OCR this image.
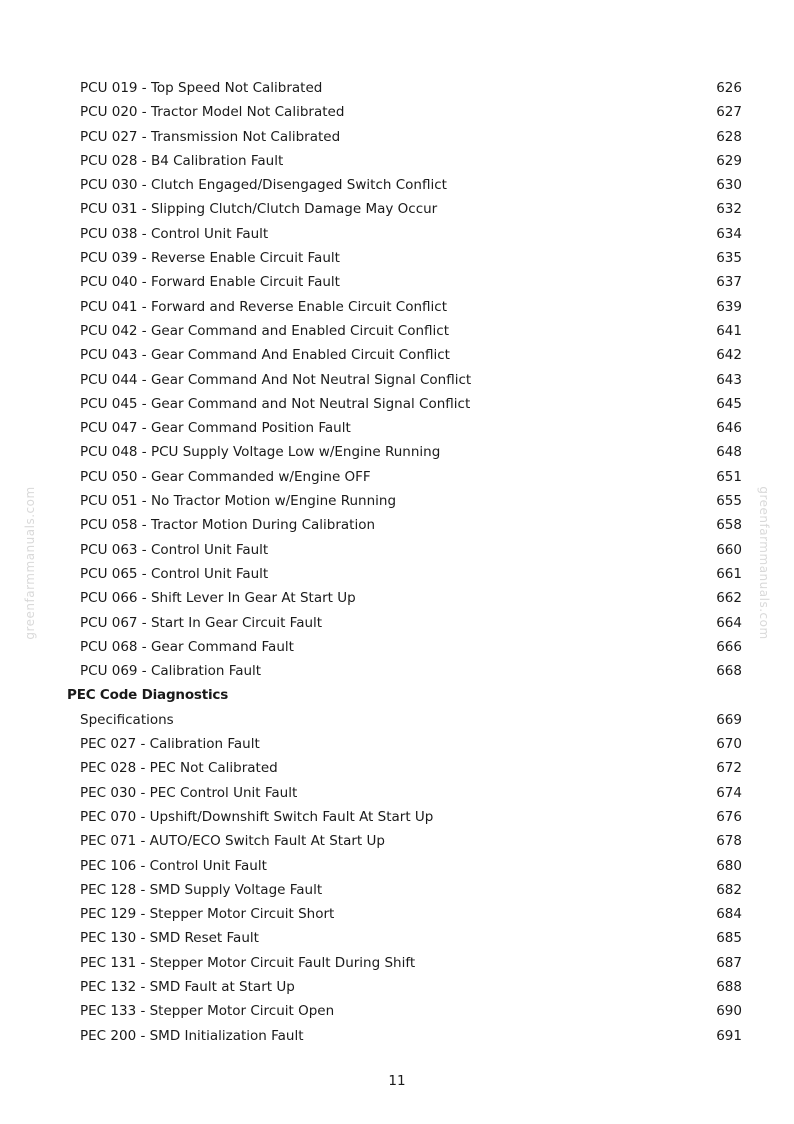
greenfarmmanuals.com	greenfarmmanuals.com
PCU 019 - Top Speed Not Calibrated	626
PCU 020 - Tractor Model Not Calibrated	627
PCU 027 - Transmission Not Calibrated	628
PCU 028 - B4 Calibration Fault	629
PCU 030 - Clutch Engaged/Disengaged Switch Conflict	630
PCU 031 - Slipping Clutch/Clutch Damage May Occur	632
PCU 038 - Control Unit Fault	634
PCU 039 - Reverse Enable Circuit Fault	635
PCU 040 - Forward Enable Circuit Fault	637
PCU 041 - Forward and Reverse Enable Circuit Conflict	639
PCU 042 - Gear Command and Enabled Circuit Conflict	641
PCU 043 - Gear Command And Enabled Circuit Conflict	642
PCU 044 - Gear Command And Not Neutral Signal Conflict	643
PCU 045 - Gear Command and Not Neutral Signal Conflict	645
PCU 047 - Gear Command Position Fault	646
PCU 048 - PCU Supply Voltage Low w/Engine Running	648
PCU 050 - Gear Commanded w/Engine OFF	651
PCU 051 - No Tractor Motion w/Engine Running	655
PCU 058 - Tractor Motion During Calibration	658
PCU 063 - Control Unit Fault	660
PCU 065 - Control Unit Fault	661
PCU 066 - Shift Lever In Gear At Start Up	662
PCU 067 - Start In Gear Circuit Fault	664
PCU 068 - Gear Command Fault	666
PCU 069 - Calibration Fault	668
PEC Code Diagnostics
Specifications	669
PEC 027 - Calibration Fault	670
PEC 028 - PEC Not Calibrated	672
PEC 030 - PEC Control Unit Fault	674
PEC 070 - Upshift/Downshift Switch Fault At Start Up	676
PEC 071 - AUTO/ECO Switch Fault At Start Up	678
PEC 106 - Control Unit Fault	680
PEC 128 - SMD Supply Voltage Fault	682
PEC 129 - Stepper Motor Circuit Short	684
PEC 130 - SMD Reset Fault	685
PEC 131 - Stepper Motor Circuit Fault During Shift	687
PEC 132 - SMD Fault at Start Up	688
PEC 133 - Stepper Motor Circuit Open	690
PEC 200 - SMD Initialization Fault	691
11
